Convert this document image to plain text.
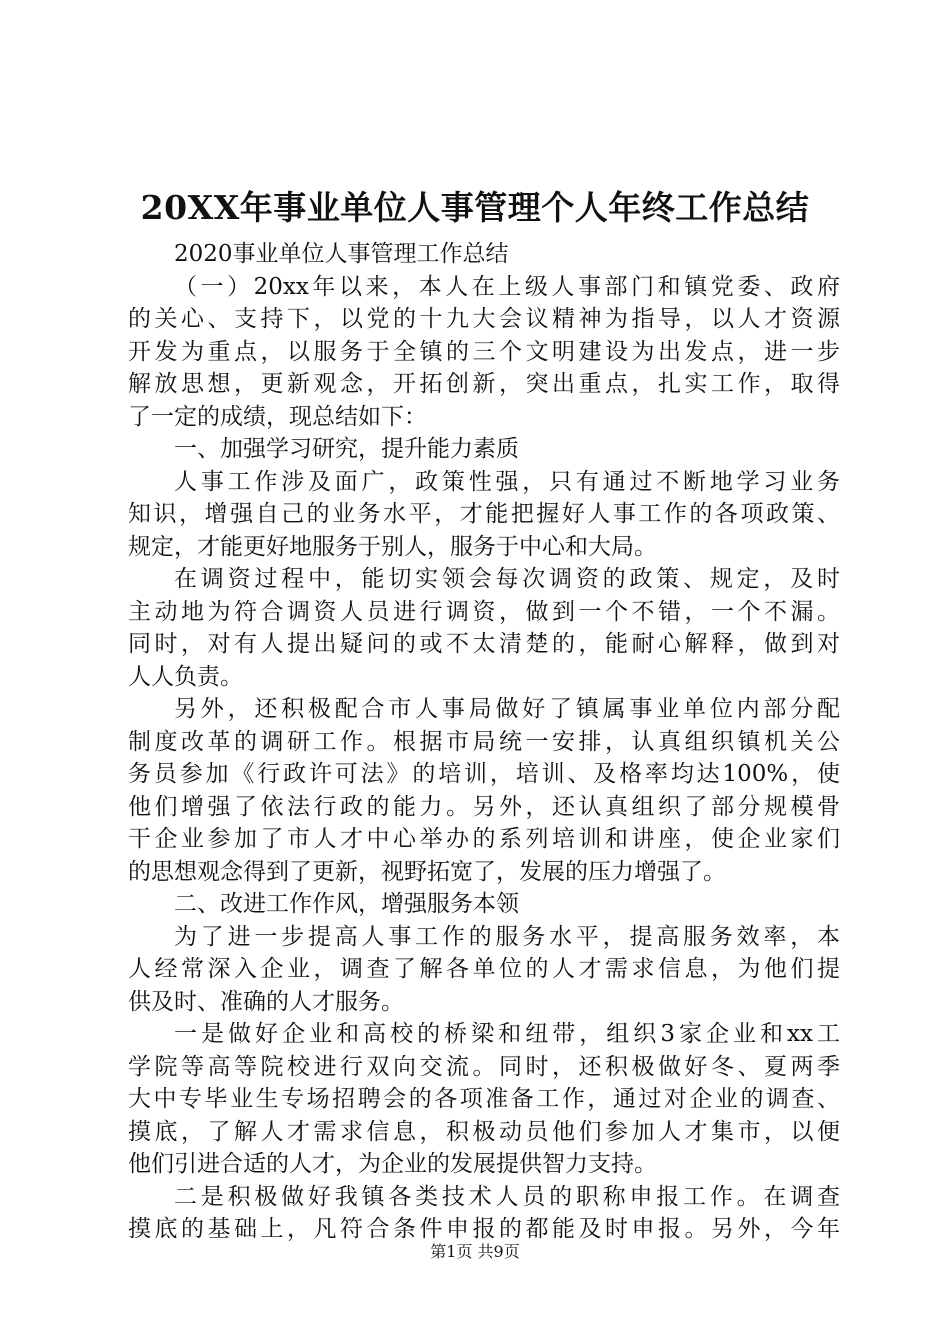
20XX年事业单位人事管理个人年终工作总结
2020事业单位人事管理工作总结
（一）20xx年以来，本人在上级人事部门和镇党委、政府
的关心、支持下，以党的十九大会议精神为指导，以人才资源
开发为重点，以服务于全镇的三个文明建设为出发点，进一步
解放思想，更新观念，开拓创新，突出重点，扎实工作，取得
了一定的成绩，现总结如下：
一、加强学习研究，提升能力素质
人事工作涉及面广，政策性强，只有通过不断地学习业务
知识，增强自己的业务水平，才能把握好人事工作的各项政策、
规定，才能更好地服务于别人，服务于中心和大局。
在调资过程中，能切实领会每次调资的政策、规定，及时
主动地为符合调资人员进行调资，做到一个不错，一个不漏。
同时，对有人提出疑问的或不太清楚的，能耐心解释，做到对
人人负责。
另外，还积极配合市人事局做好了镇属事业单位内部分配
制度改革的调研工作。根据市局统一安排，认真组织镇机关公
务员参加《行政许可法》的培训，培训、及格率均达100%，使
他们增强了依法行政的能力。另外，还认真组织了部分规模骨
干企业参加了市人才中心举办的系列培训和讲座，使企业家们
的思想观念得到了更新，视野拓宽了，发展的压力增强了。
二、改进工作作风，增强服务本领
为了进一步提高人事工作的服务水平，提高服务效率，本
人经常深入企业，调查了解各单位的人才需求信息，为他们提
供及时、准确的人才服务。
一是做好企业和高校的桥梁和纽带，组织3家企业和xx工
学院等高等院校进行双向交流。同时，还积极做好冬、夏两季
大中专毕业生专场招聘会的各项准备工作，通过对企业的调查、
摸底，了解人才需求信息，积极动员他们参加人才集市，以便
他们引进合适的人才，为企业的发展提供智力支持。
二是积极做好我镇各类技术人员的职称申报工作。在调查
摸底的基础上，凡符合条件申报的都能及时申报。另外，今年
第1页 共9页
